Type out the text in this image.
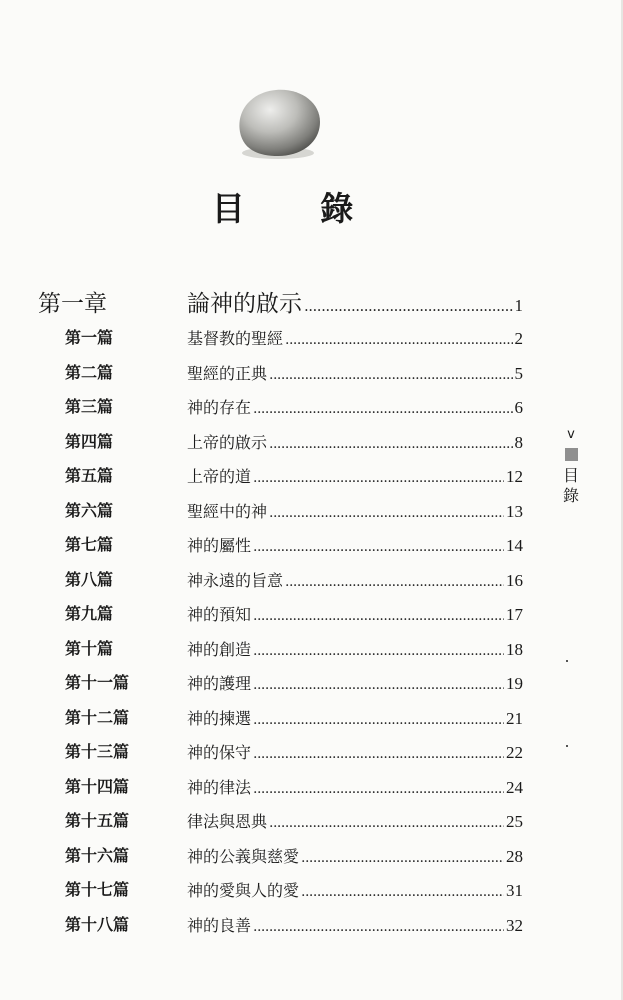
目 錄
第一章	論神的啟示 .....	1
第一篇	基督教的聖經 .....	2
第二篇	聖經的正典 .....	5
第三篇	神的存在 .....	6
第四篇	上帝的啟示 .....	8
第五篇	上帝的道 .....	12
第六篇	聖經中的神 .....	13
第七篇	神的屬性 .....	14
第八篇	神永遠的旨意 .....	16
第九篇	神的預知 .....	17
第十篇	神的創造 .....	18
第十一篇	神的護理 .....	19
第十二篇	神的揀選 .....	21
第十三篇	神的保守 .....	22
第十四篇	神的律法 .....	24
第十五篇	律法與恩典 .....	25
第十六篇	神的公義與慈愛 .....	28
第十七篇	神的愛與人的愛 .....	31
第十八篇	神的良善 .....	32
v
目
錄
